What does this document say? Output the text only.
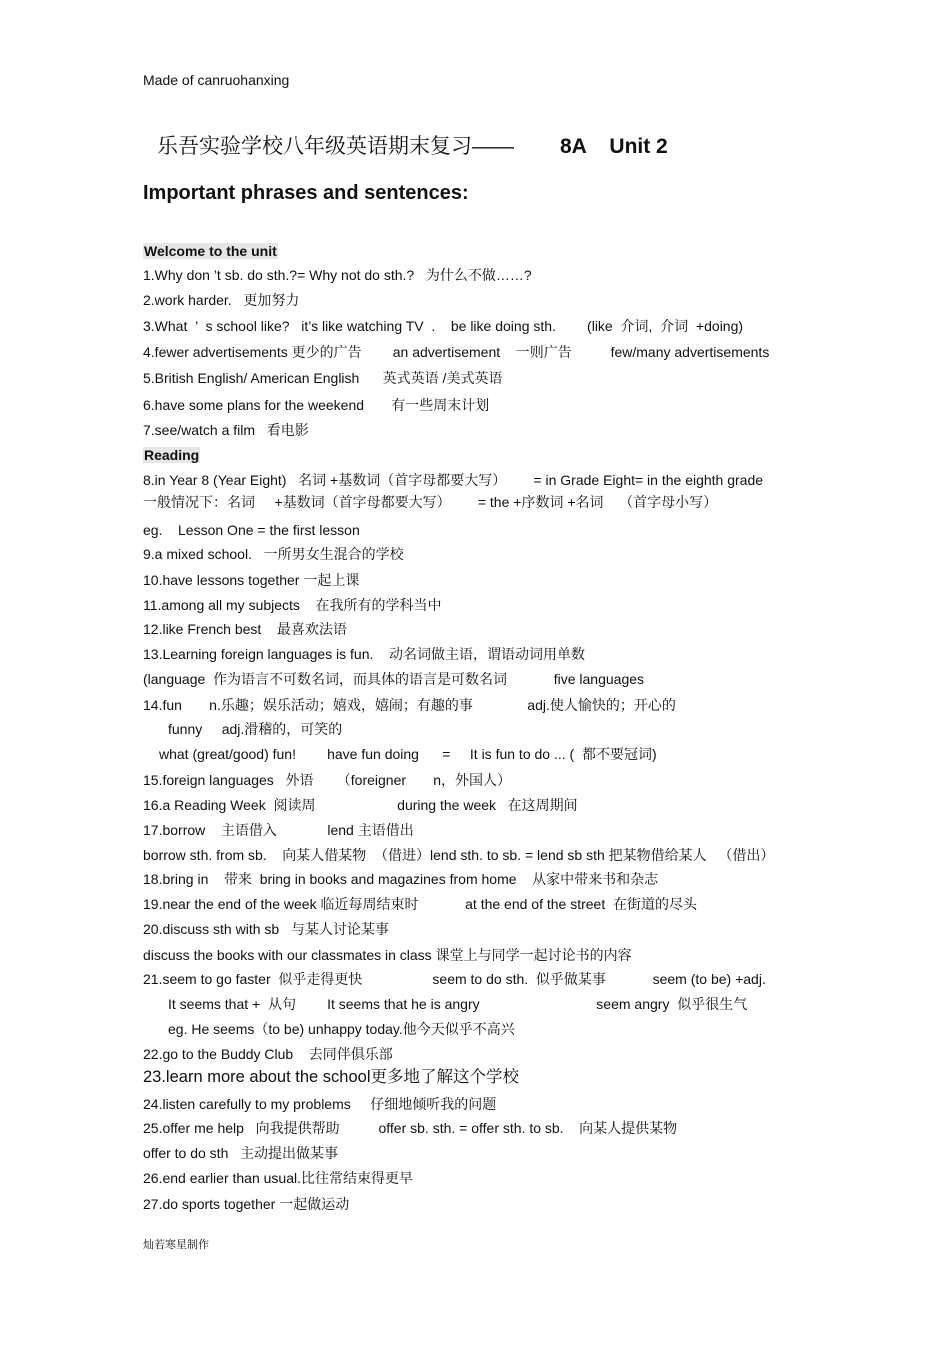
Made of canruohanxing
乐吾实验学校八年级英语期末复习—— 8A    Unit 2
Important phrases and sentences:
Welcome to the unit
1.Why don ’t sb. do sth.?= Why not do sth.?   为什么不做……?
2.work harder.   更加努力
3.What  ’  s school like?   it’s like watching TV  .    be like doing sth.        (like  介词,  介词  +doing)
4.fewer advertisements 更少的广告        an advertisement    一则广告          few/many advertisements
5.British English/ American English      英式英语 /美式英语
6.have some plans for the weekend       有一些周末计划
7.see/watch a film   看电影
Reading
8.in Year 8 (Year Eight)   名词 +基数词（首字母都要大写）       = in Grade Eight= in the eighth grade
一般情况下：名词     +基数词（首字母都要大写）       = the +序数词 +名词    （首字母小写）
eg.    Lesson One = the first lesson
9.a mixed school.   一所男女生混合的学校
10.have lessons together 一起上课
11.among all my subjects    在我所有的学科当中
12.like French best    最喜欢法语
13.Learning foreign languages is fun.    动名词做主语，谓语动词用单数
(language  作为语言不可数名词，而具体的语言是可数名词            five languages
14.fun       n.乐趣；娱乐活动；嬉戏，嬉闹；有趣的事              adj.使人愉快的；开心的
funny     adj.滑稽的，可笑的
what (great/good) fun!        have fun doing      =     It is fun to do ... (  都不要冠词)
15.foreign languages   外语      （foreigner       n，外国人）
16.a Reading Week  阅读周                     during the week   在这周期间
17.borrow    主语借入             lend 主语借出
borrow sth. from sb.    向某人借某物  （借进）lend sth. to sb. = lend sb sth 把某物借给某人   （借出）
18.bring in    带来  bring in books and magazines from home    从家中带来书和杂志
19.near the end of the week 临近每周结束时            at the end of the street  在街道的尽头
20.discuss sth with sb   与某人讨论某事
discuss the books with our classmates in class 课堂上与同学一起讨论书的内容
21.seem to go faster  似乎走得更快                  seem to do sth.  似乎做某事            seem (to be) +adj.
It seems that +  从句        It seems that he is angry                              seem angry  似乎很生气
eg. He seems（to be) unhappy today.他今天似乎不高兴
22.go to the Buddy Club    去同伴俱乐部
23.learn more about the school更多地了解这个学校
24.listen carefully to my problems     仔细地倾听我的问题
25.offer me help   向我提供帮助          offer sb. sth. = offer sth. to sb.    向某人提供某物
offer to do sth   主动提出做某事
26.end earlier than usual.比往常结束得更早
27.do sports together 一起做运动
灿若寒星制作
